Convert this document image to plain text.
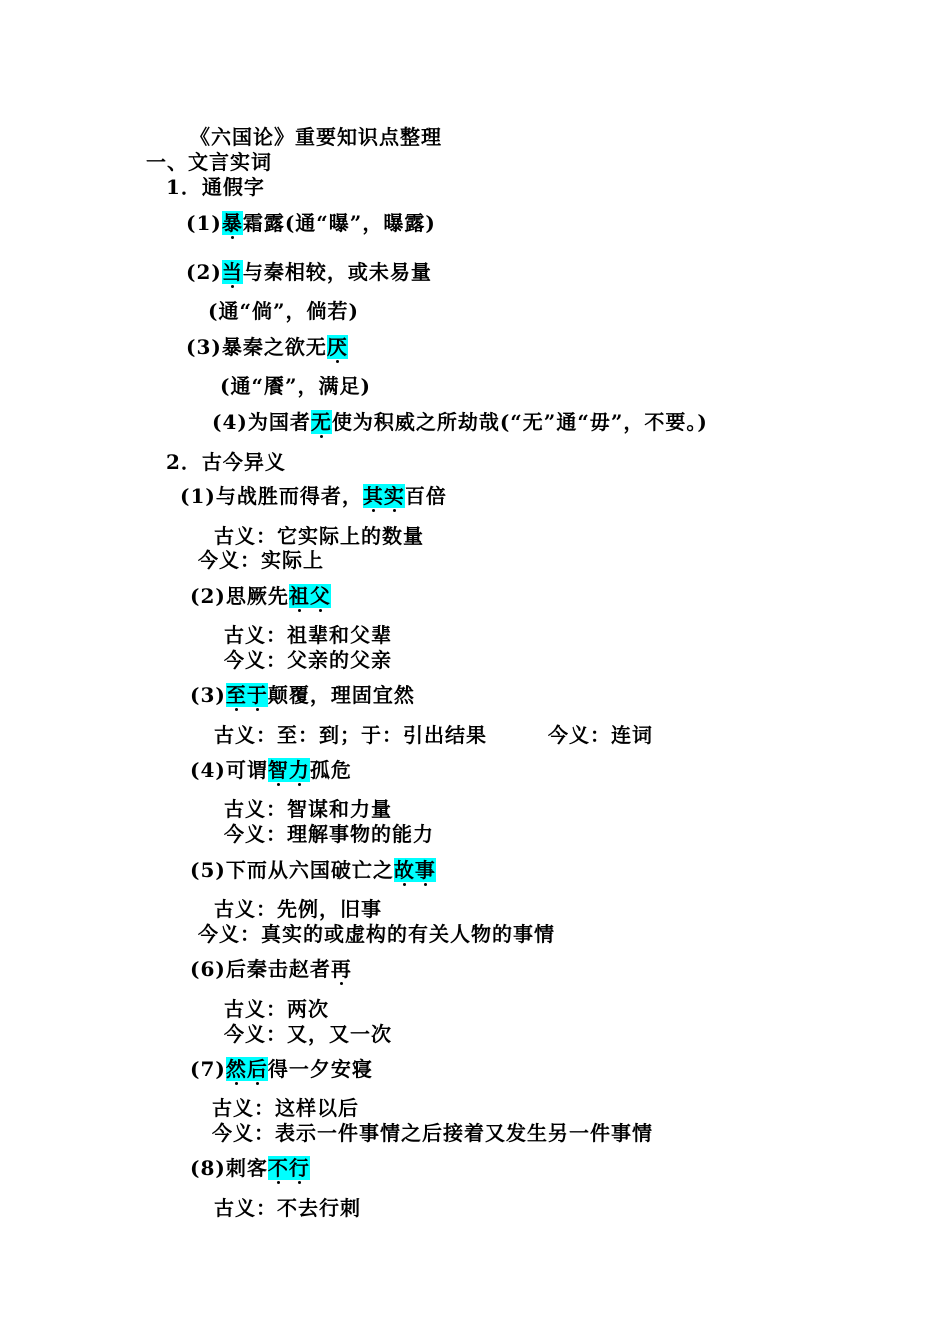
《六国论》重要知识点整理
一、文言实词
1．通假字
(1)暴霜露(通“曝”，曝露)
(2)当与秦相较，或未易量
(通“倘”，倘若)
(3)暴秦之欲无厌
(通“餍”，满足)
(4)为国者无使为积威之所劫哉(“无”通“毋”，不要。)
2．古今异义
(1)与战胜而得者，其实百倍
古义：它实际上的数量
今义：实际上
(2)思厥先祖父
古义：祖辈和父辈
今义：父亲的父亲
(3)至于颠覆，理固宜然
古义：至：到；于：引出结果	今义：连词
(4)可谓智力孤危
古义：智谋和力量
今义：理解事物的能力
(5)下而从六国破亡之故事
古义：先例，旧事
今义：真实的或虚构的有关人物的事情
(6)后秦击赵者再
古义：两次
今义：又，又一次
(7)然后得一夕安寝
古义：这样以后
今义：表示一件事情之后接着又发生另一件事情
(8)刺客不行
古义：不去行刺
